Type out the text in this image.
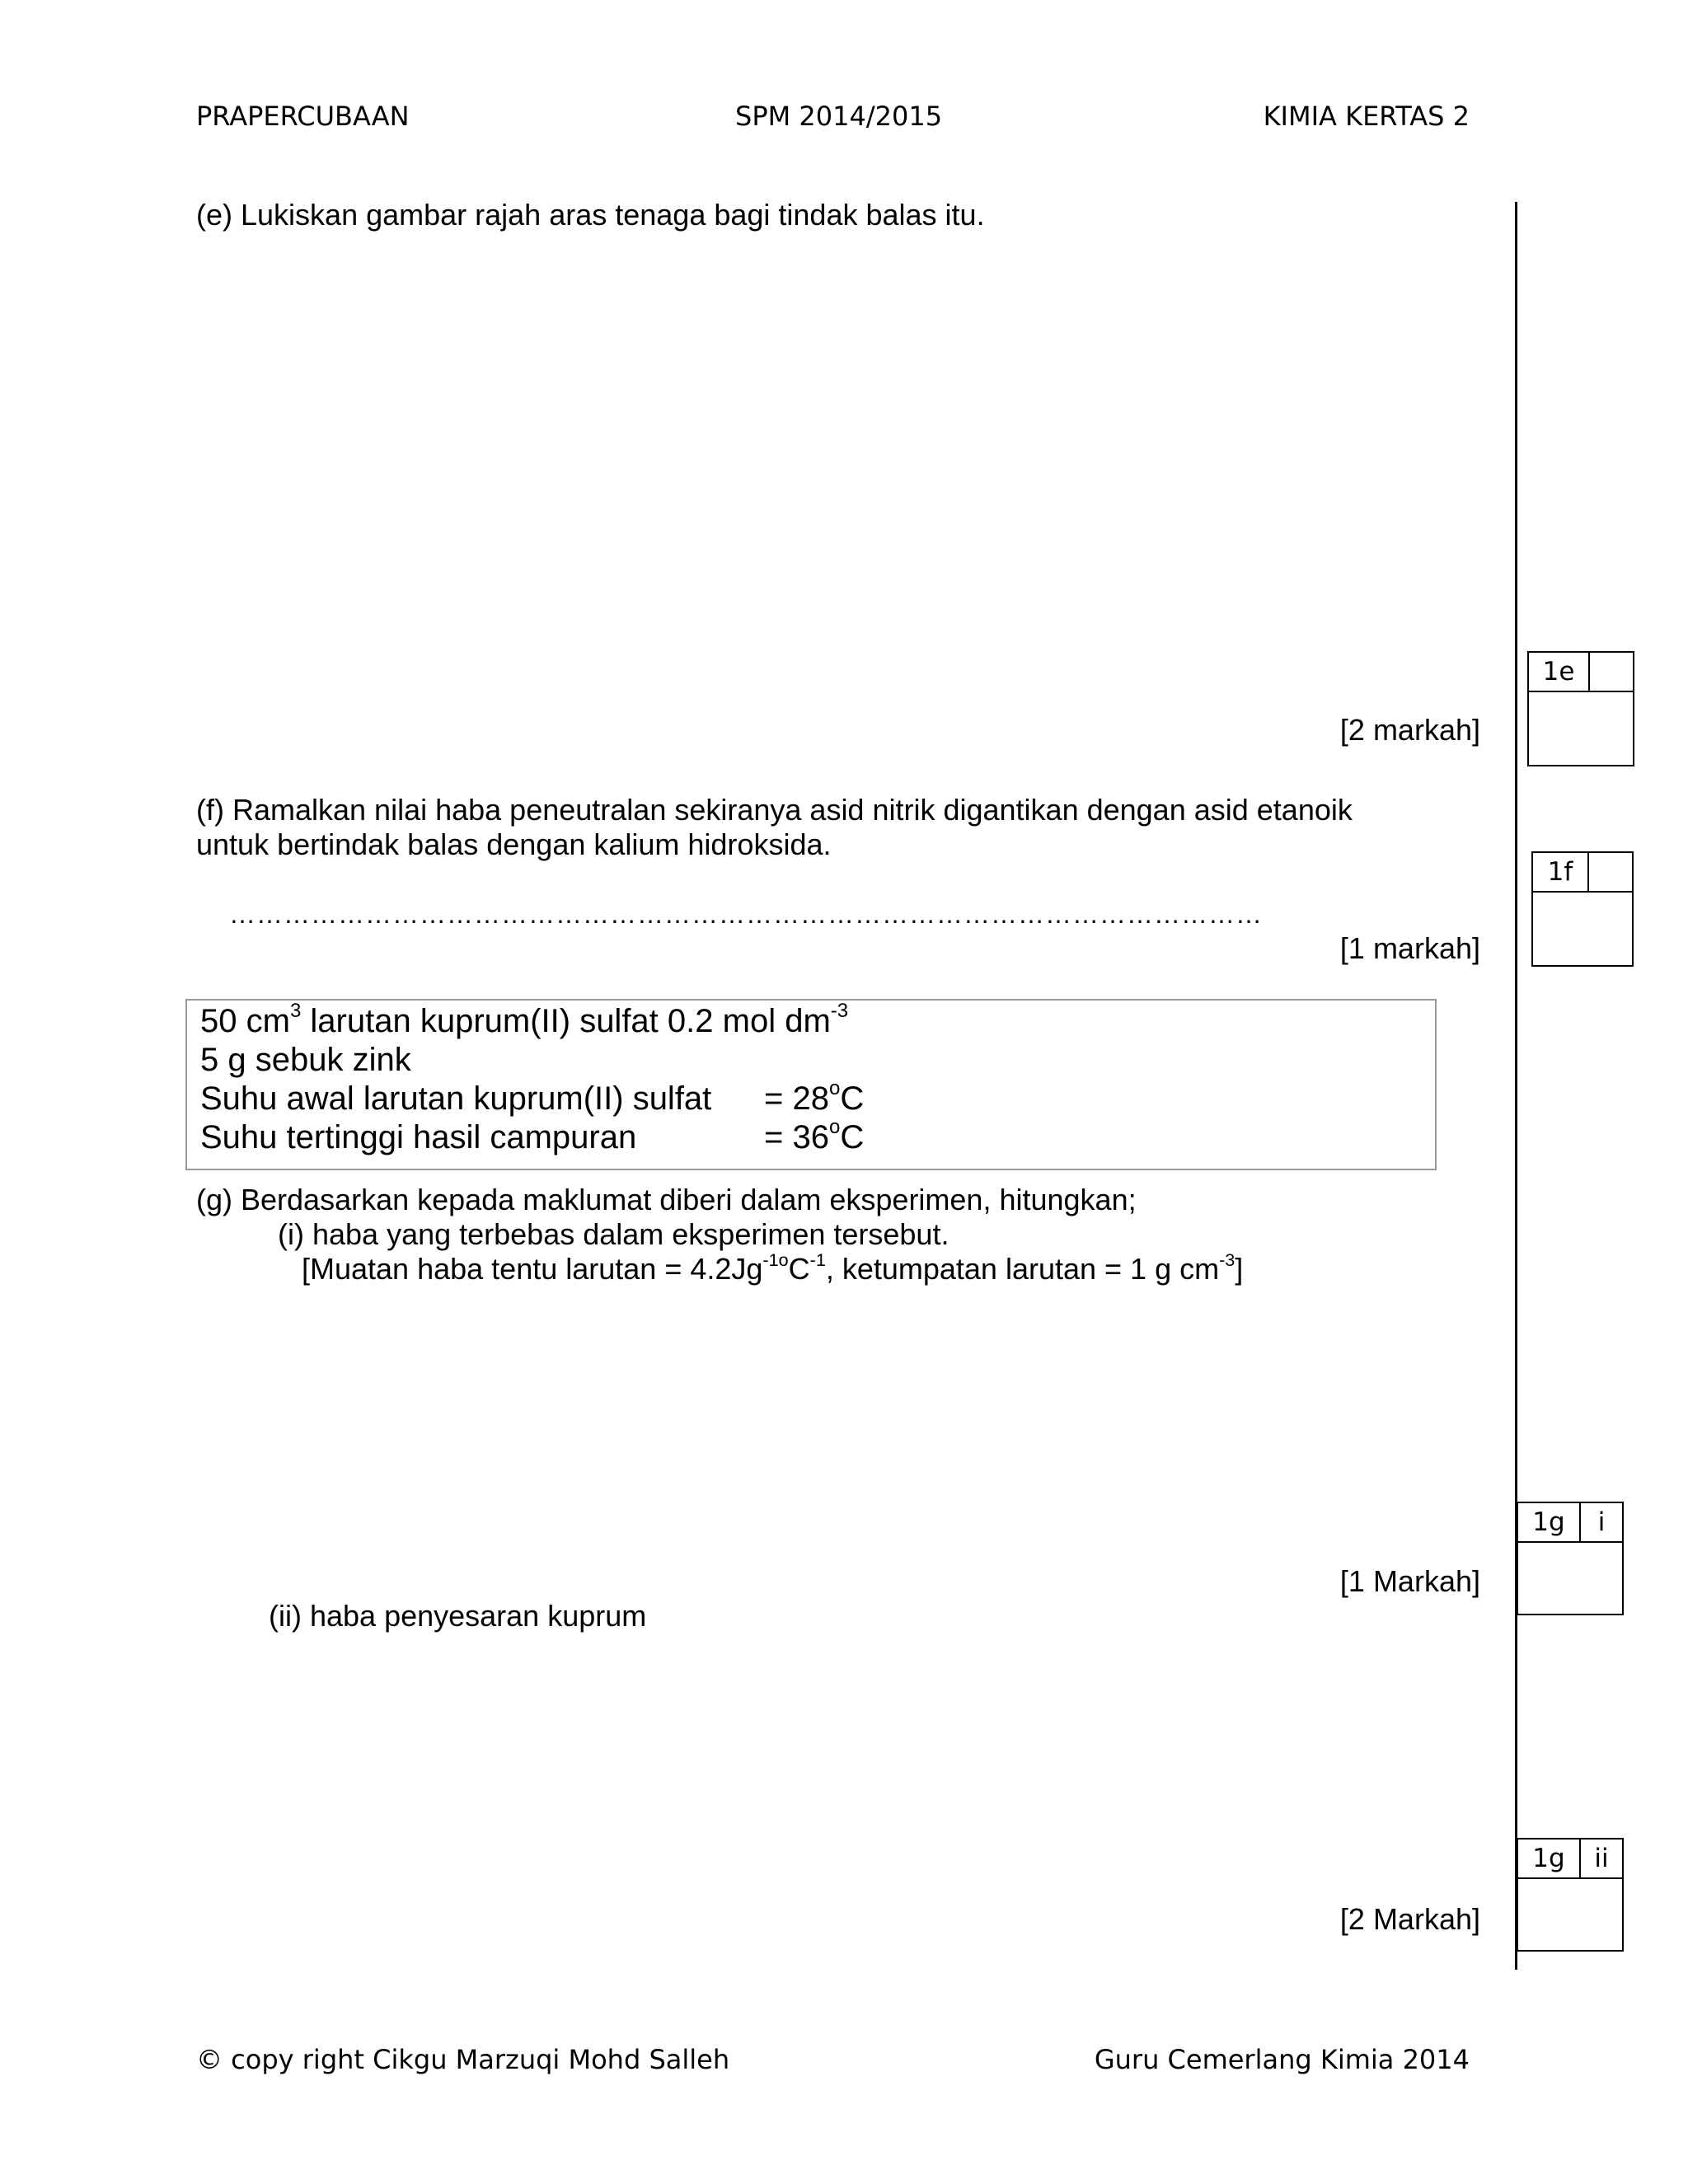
PRAPERCUBAAN	SPM 2014/2015	KIMIA KERTAS 2
(e) Lukiskan gambar rajah aras tenaga bagi tindak balas itu.
[2 markah]
1e
(f) Ramalkan nilai haba peneutralan sekiranya asid nitrik digantikan dengan asid etanoik
untuk bertindak balas dengan kalium hidroksida.
……………………………………………………………………………………………………
[1 markah]
1f
50 $cm^3$ larutan kuprum(II) sulfat 0.2 mol $dm^{-3}$
5 g sebuk zink
Suhu awal larutan kuprum(II) sulfat = $28^oC$
Suhu tertinggi hasil campuran	= $36^oC$
(g) Berdasarkan kepada maklumat diberi dalam eksperimen, hitungkan;
(i) haba yang terbebas dalam eksperimen tersebut.
[Muatan haba tentu larutan = $4.2Jg^{-1o}C^{-1}$, ketumpatan larutan = 1 g $cm^{-3}$]
[1 Markah]
1g	i
(ii) haba penyesaran kuprum
[2 Markah]
1g	ii
© copy right Cikgu Marzuqi Mohd Salleh	Guru Cemerlang Kimia 2014
